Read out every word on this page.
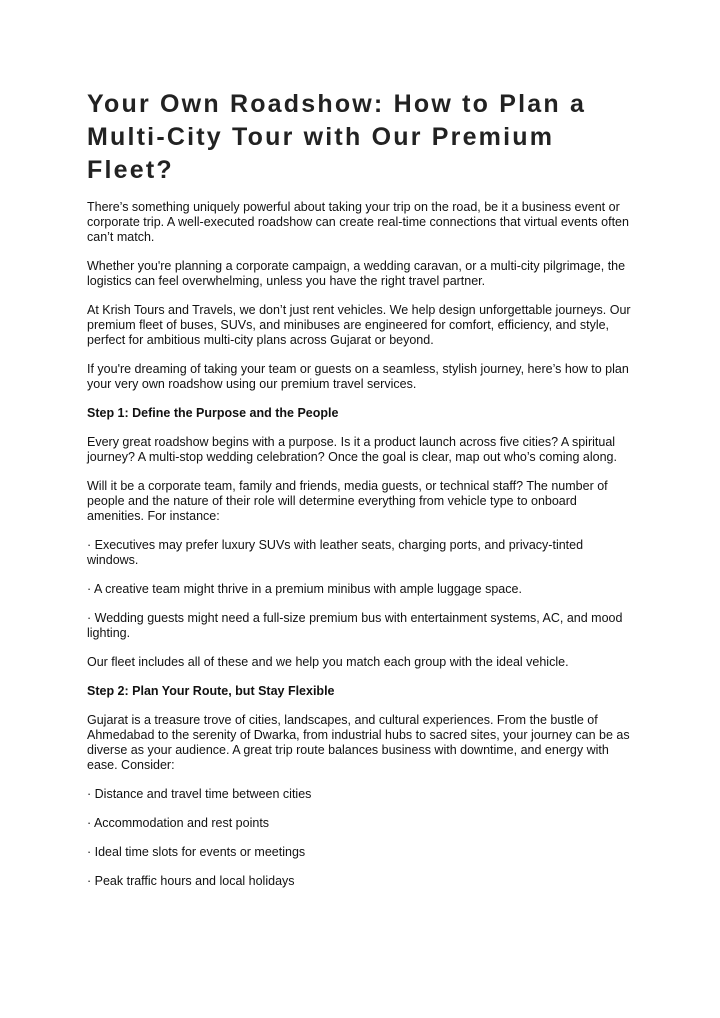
Your Own Roadshow: How to Plan a Multi-City Tour with Our Premium Fleet?

There’s something uniquely powerful about taking your trip on the road, be it a business event or corporate trip. A well-executed roadshow can create real-time connections that virtual events often can’t match.

Whether you're planning a corporate campaign, a wedding caravan, or a multi-city pilgrimage, the logistics can feel overwhelming, unless you have the right travel partner.

At Krish Tours and Travels, we don’t just rent vehicles. We help design unforgettable journeys. Our premium fleet of buses, SUVs, and minibuses are engineered for comfort, efficiency, and style, perfect for ambitious multi-city plans across Gujarat or beyond.

If you're dreaming of taking your team or guests on a seamless, stylish journey, here’s how to plan your very own roadshow using our premium travel services.

Step 1: Define the Purpose and the People

Every great roadshow begins with a purpose. Is it a product launch across five cities? A spiritual journey? A multi-stop wedding celebration? Once the goal is clear, map out who’s coming along.

Will it be a corporate team, family and friends, media guests, or technical staff? The number of people and the nature of their role will determine everything from vehicle type to onboard amenities. For instance:

· Executives may prefer luxury SUVs with leather seats, charging ports, and privacy-tinted windows.

· A creative team might thrive in a premium minibus with ample luggage space.

· Wedding guests might need a full-size premium bus with entertainment systems, AC, and mood lighting.

Our fleet includes all of these and we help you match each group with the ideal vehicle.

Step 2: Plan Your Route, but Stay Flexible

Gujarat is a treasure trove of cities, landscapes, and cultural experiences. From the bustle of Ahmedabad to the serenity of Dwarka, from industrial hubs to sacred sites, your journey can be as diverse as your audience. A great trip route balances business with downtime, and energy with ease. Consider:

· Distance and travel time between cities

· Accommodation and rest points

· Ideal time slots for events or meetings

· Peak traffic hours and local holidays
